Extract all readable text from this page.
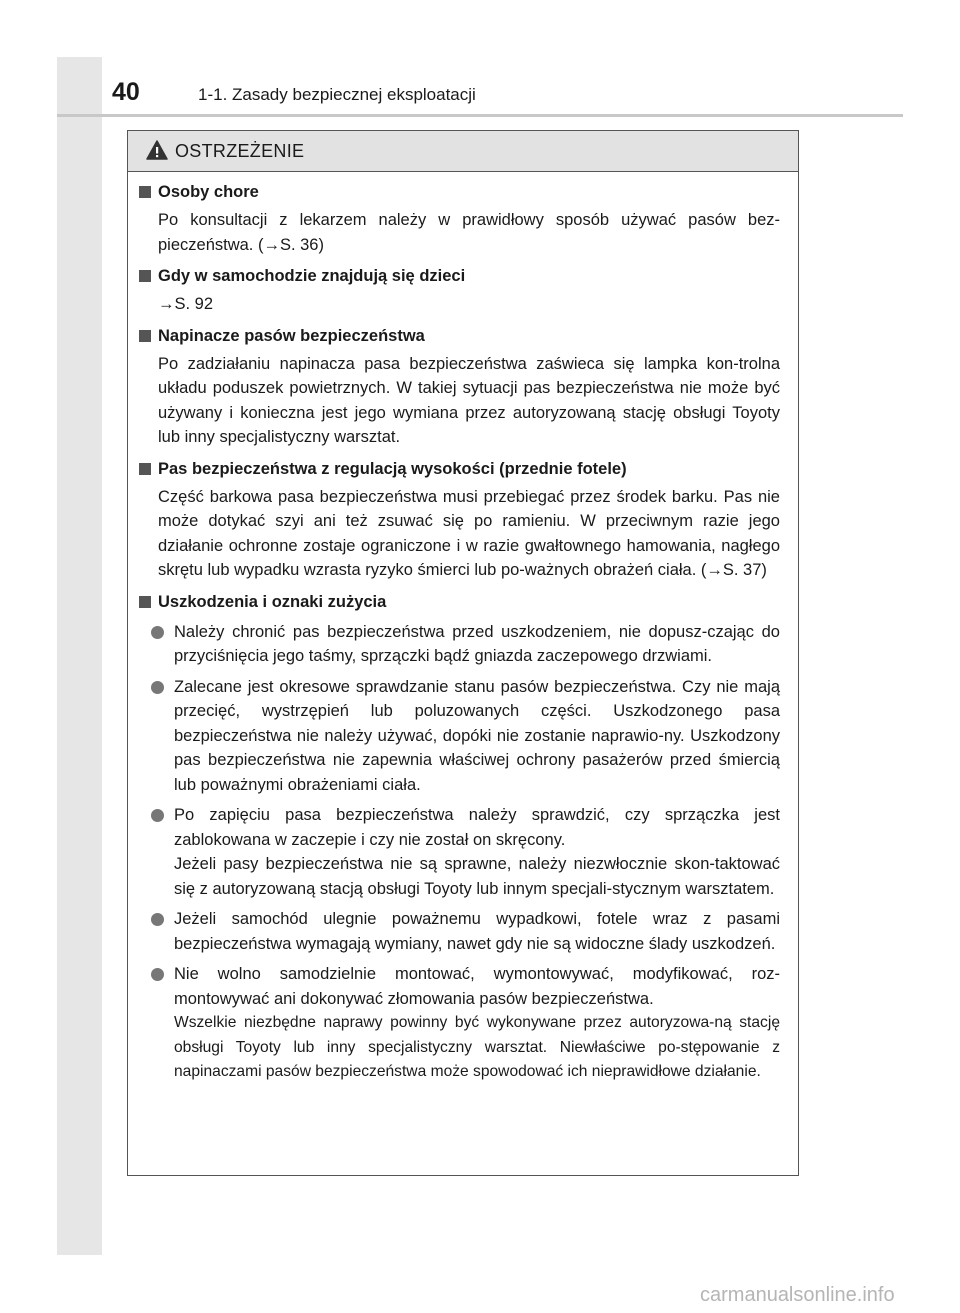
40	1-1. Zasady bezpiecznej eksploatacji
OSTRZEŻENIE
Osoby chore
Po konsultacji z lekarzem należy w prawidłowy sposób używać pasów bez-pieczeństwa. (→S. 36)
Gdy w samochodzie znajdują się dzieci
→S. 92
Napinacze pasów bezpieczeństwa
Po zadziałaniu napinacza pasa bezpieczeństwa zaświeca się lampka kon-trolna układu poduszek powietrznych. W takiej sytuacji pas bezpieczeństwa nie może być używany i konieczna jest jego wymiana przez autoryzowaną stację obsługi Toyoty lub inny specjalistyczny warsztat.
Pas bezpieczeństwa z regulacją wysokości (przednie fotele)
Część barkowa pasa bezpieczeństwa musi przebiegać przez środek barku. Pas nie może dotykać szyi ani też zsuwać się po ramieniu. W przeciwnym razie jego działanie ochronne zostaje ograniczone i w razie gwałtownego hamowania, nagłego skrętu lub wypadku wzrasta ryzyko śmierci lub po-ważnych obrażeń ciała. (→S. 37)
Uszkodzenia i oznaki zużycia
Należy chronić pas bezpieczeństwa przed uszkodzeniem, nie dopusz-czając do przyciśnięcia jego taśmy, sprzączki bądź gniazda zaczepowego drzwiami.
Zalecane jest okresowe sprawdzanie stanu pasów bezpieczeństwa. Czy nie mają przecięć, wystrzępień lub poluzowanych części. Uszkodzonego pasa bezpieczeństwa nie należy używać, dopóki nie zostanie naprawio-ny. Uszkodzony pas bezpieczeństwa nie zapewnia właściwej ochrony pasażerów przed śmiercią lub poważnymi obrażeniami ciała.
Po zapięciu pasa bezpieczeństwa należy sprawdzić, czy sprzączka jest zablokowana w zaczepie i czy nie został on skręcony.
Jeżeli pasy bezpieczeństwa nie są sprawne, należy niezwłocznie skon-taktować się z autoryzowaną stacją obsługi Toyoty lub innym specjali-stycznym warsztatem.
Jeżeli samochód ulegnie poważnemu wypadkowi, fotele wraz z pasami bezpieczeństwa wymagają wymiany, nawet gdy nie są widoczne ślady uszkodzeń.
Nie wolno samodzielnie montować, wymontowywać, modyfikować, roz-montowywać ani dokonywać złomowania pasów bezpieczeństwa.
Wszelkie niezbędne naprawy powinny być wykonywane przez autoryzowa-ną stację obsługi Toyoty lub inny specjalistyczny warsztat. Niewłaściwe po-stępowanie z napinaczami pasów bezpieczeństwa może spowodować ich nieprawidłowe działanie.
carmanualsonline.info
